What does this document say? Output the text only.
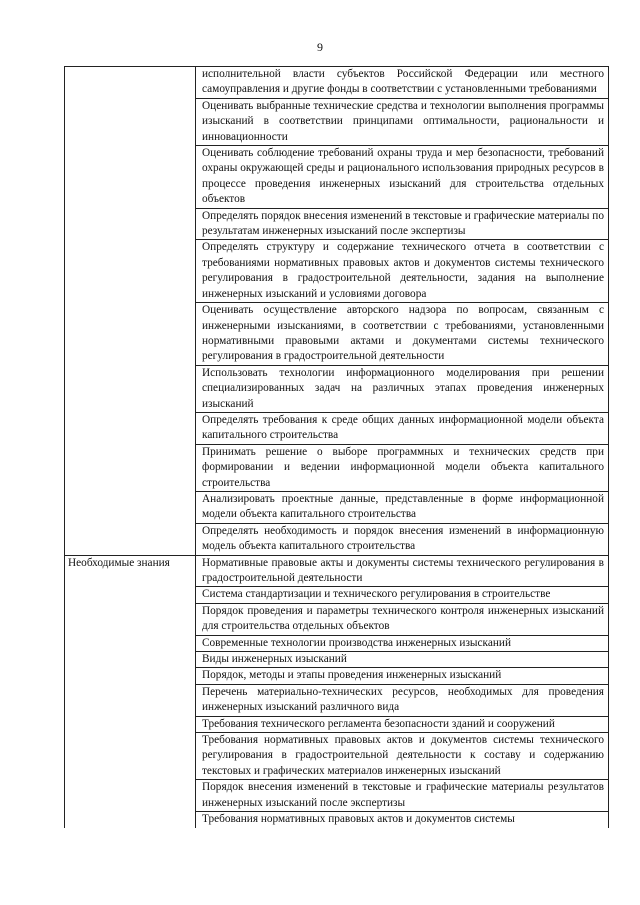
9
	исполнительной власти субъектов Российской Федерации или местного самоуправления и другие фонды в соответствии с установленными требованиями
	Оценивать выбранные технические средства и технологии выполнения программы изысканий в соответствии принципами оптимальности, рациональности и инновационности
	Оценивать соблюдение требований охраны труда и мер безопасности, требований охраны окружающей среды и рационального использования природных ресурсов в процессе проведения инженерных изысканий для строительства отдельных объектов
	Определять порядок внесения изменений в текстовые и графические материалы по результатам инженерных изысканий после экспертизы
	Определять структуру и содержание технического отчета в соответствии с требованиями нормативных правовых актов и документов системы технического регулирования в градостроительной деятельности, задания на выполнение инженерных изысканий и условиями договора
	Оценивать осуществление авторского надзора по вопросам, связанным с инженерными изысканиями, в соответствии с требованиями, установленными нормативными правовыми актами и документами системы технического регулирования в градостроительной деятельности
	Использовать технологии информационного моделирования при решении специализированных задач на различных этапах проведения инженерных изысканий
	Определять требования к среде общих данных информационной модели объекта капитального строительства
	Принимать решение о выборе программных и технических средств при формировании и ведении информационной модели объекта капитального строительства
	Анализировать проектные данные, представленные в форме информационной модели объекта капитального строительства
	Определять необходимость и порядок внесения изменений в информационную модель объекта капитального строительства
Необходимые знания	Нормативные правовые акты и документы системы технического регулирования в градостроительной деятельности
	Система стандартизации и технического регулирования в строительстве
	Порядок проведения и параметры технического контроля инженерных изысканий для строительства отдельных объектов
	Современные технологии производства инженерных изысканий
	Виды инженерных изысканий
	Порядок, методы и этапы проведения инженерных изысканий
	Перечень материально-технических ресурсов, необходимых для проведения инженерных изысканий различного вида
	Требования технического регламента безопасности зданий и сооружений
	Требования нормативных правовых актов и документов системы технического регулирования в градостроительной деятельности к составу и содержанию текстовых и графических материалов инженерных изысканий
	Порядок внесения изменений в текстовые и графические материалы результатов инженерных изысканий после экспертизы
	Требования нормативных правовых актов и документов системы
